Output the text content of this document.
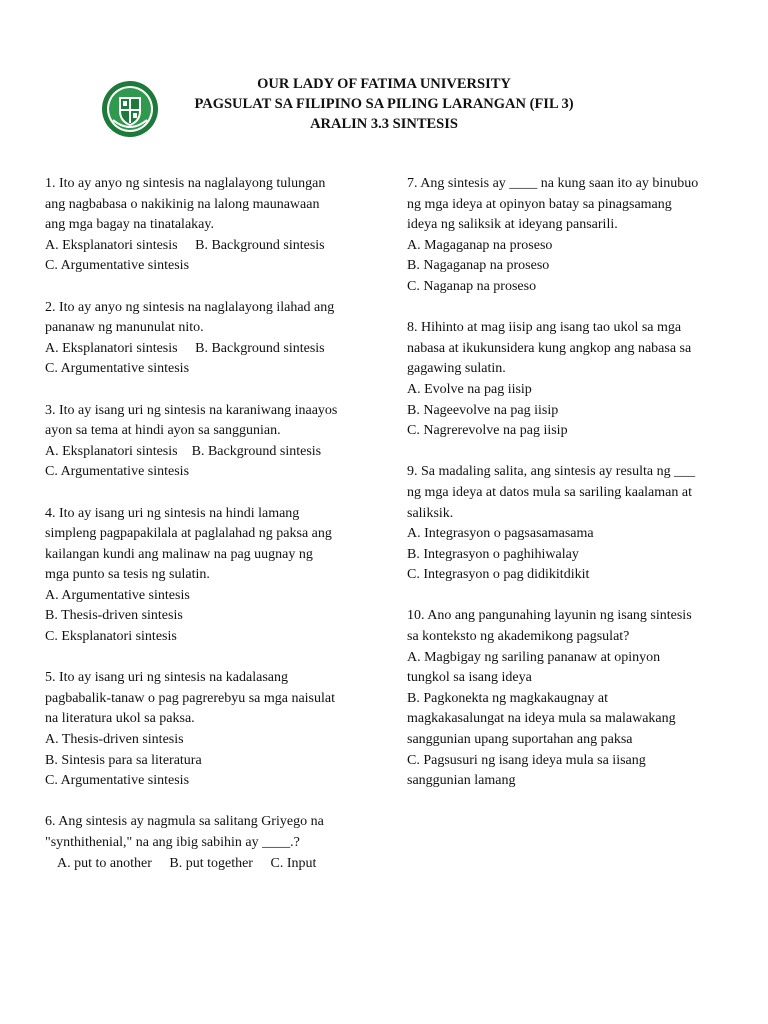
OUR LADY OF FATIMA UNIVERSITY
PAGSULAT SA FILIPINO SA PILING LARANGAN (FIL 3)
ARALIN 3.3 SINTESIS

1. Ito ay anyo ng sintesis na naglalayong tulungan

ang nagbabasa o nakikinig na lalong maunawaan

ang mga bagay na tinatalakay.

A. Eksplanatori sintesis B. Background sintesis

C. Argumentative sintesis

2. Ito ay anyo ng sintesis na naglalayong ilahad ang

pananaw ng manunulat nito.

A. Eksplanatori sintesis B. Background sintesis

C. Argumentative sintesis

3. Ito ay isang uri ng sintesis na karaniwang inaayos

ayon sa tema at hindi ayon sa sanggunian.

A. Eksplanatori sintesis B. Background sintesis

C. Argumentative sintesis

4. Ito ay isang uri ng sintesis na hindi lamang

simpleng pagpapakilala at paglalahad ng paksa ang

kailangan kundi ang malinaw na pag uugnay ng

mga punto sa tesis ng sulatin.

A. Argumentative sintesis

B. Thesis-driven sintesis

C. Eksplanatori sintesis

5. Ito ay isang uri ng sintesis na kadalasang

pagbabalik-tanaw o pag pagrerebyu sa mga naisulat

na literatura ukol sa paksa.

A. Thesis-driven sintesis

B. Sintesis para sa literatura

C. Argumentative sintesis

6. Ang sintesis ay nagmula sa salitang Griyego na

"synthithenial," na ang ibig sabihin ay ____.?

A. put to another B. put together C. Input

7. Ang sintesis ay ____ na kung saan ito ay binubuo

ng mga ideya at opinyon batay sa pinagsamang

ideya ng saliksik at ideyang pansarili.

A. Magaganap na proseso

B. Nagaganap na proseso

C. Naganap na proseso

8. Hihinto at mag iisip ang isang tao ukol sa mga

nabasa at ikukunsidera kung angkop ang nabasa sa

gagawing sulatin.

A. Evolve na pag iisip

B. Nageevolve na pag iisip

C. Nagrerevolve na pag iisip

9. Sa madaling salita, ang sintesis ay resulta ng ___

ng mga ideya at datos mula sa sariling kaalaman at

saliksik.

A. Integrasyon o pagsasamasama

B. Integrasyon o paghihiwalay

C. Integrasyon o pag didikitdikit

10. Ano ang pangunahing layunin ng isang sintesis

sa konteksto ng akademikong pagsulat?

A. Magbigay ng sariling pananaw at opinyon

tungkol sa isang ideya

B. Pagkonekta ng magkakaugnay at

magkakasalungat na ideya mula sa malawakang

sanggunian upang suportahan ang paksa

C. Pagsusuri ng isang ideya mula sa iisang

sanggunian lamang
